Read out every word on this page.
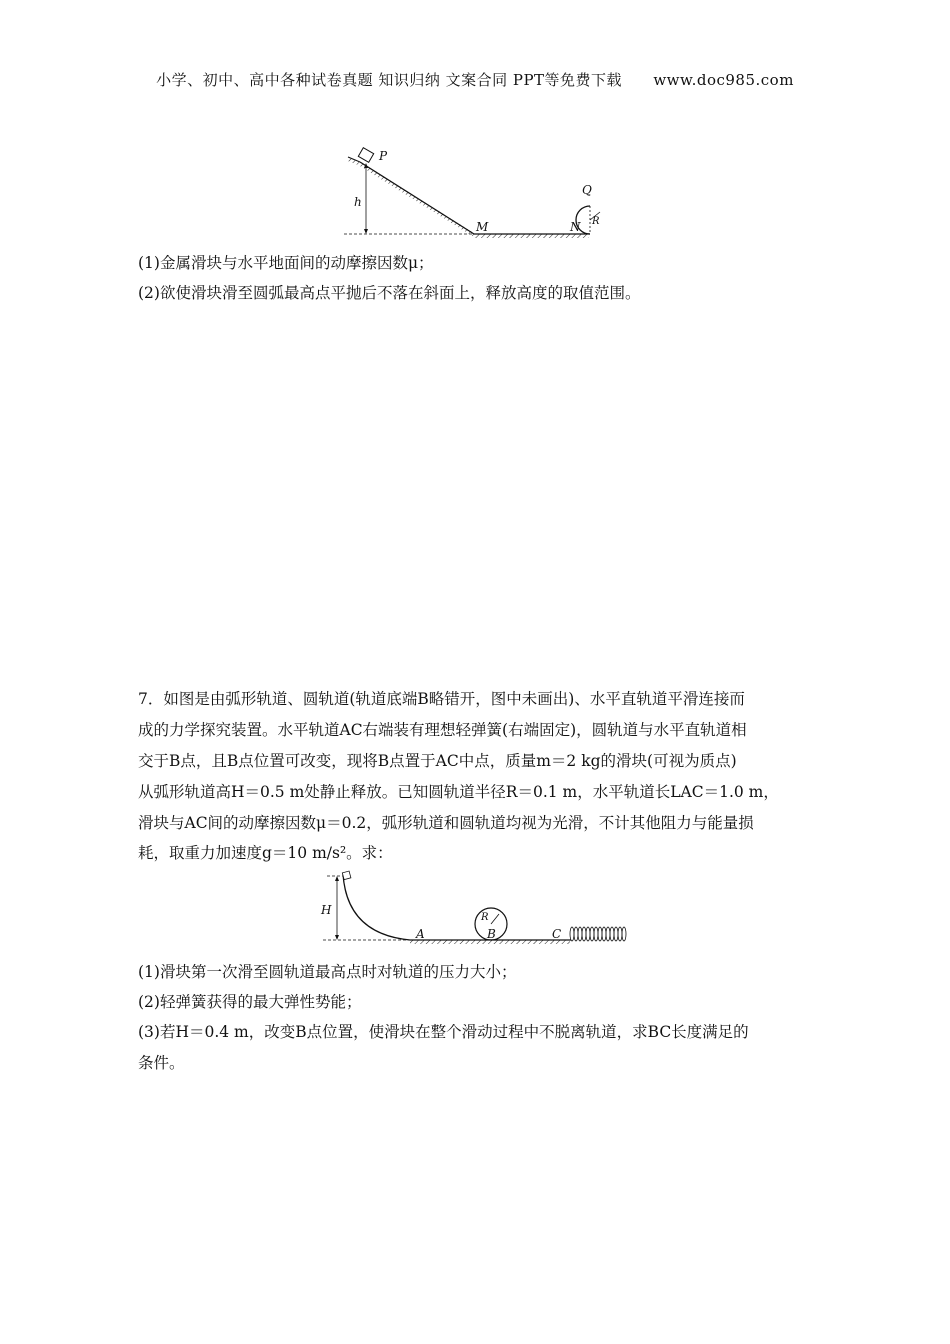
小学、初中、高中各种试卷真题 知识归纳 文案合同 PPT等免费下载 www.doc985.com
P
h
M
Q
N R
(1)金属滑块与水平地面间的动摩擦因数μ；
(2)欲使滑块滑至圆弧最高点平抛后不落在斜面上，释放高度的取值范围。
7．如图是由弧形轨道、圆轨道(轨道底端B略错开，图中未画出)、水平直轨道平滑连接而
成的力学探究装置。水平轨道AC右端装有理想轻弹簧(右端固定)，圆轨道与水平直轨道相
交于B点，且B点位置可改变，现将B点置于AC中点，质量m＝2 kg的滑块(可视为质点)
从弧形轨道高H＝0.5 m处静止释放。已知圆轨道半径R＝0.1 m，水平轨道长LAC＝1.0 m，
滑块与AC间的动摩擦因数μ＝0.2，弧形轨道和圆轨道均视为光滑，不计其他阻力与能量损
耗，取重力加速度g＝10 m/s²。求：
H
A	B	C
R
(1)滑块第一次滑至圆轨道最高点时对轨道的压力大小；
(2)轻弹簧获得的最大弹性势能；
(3)若H＝0.4 m，改变B点位置，使滑块在整个滑动过程中不脱离轨道，求BC长度满足的
条件。
